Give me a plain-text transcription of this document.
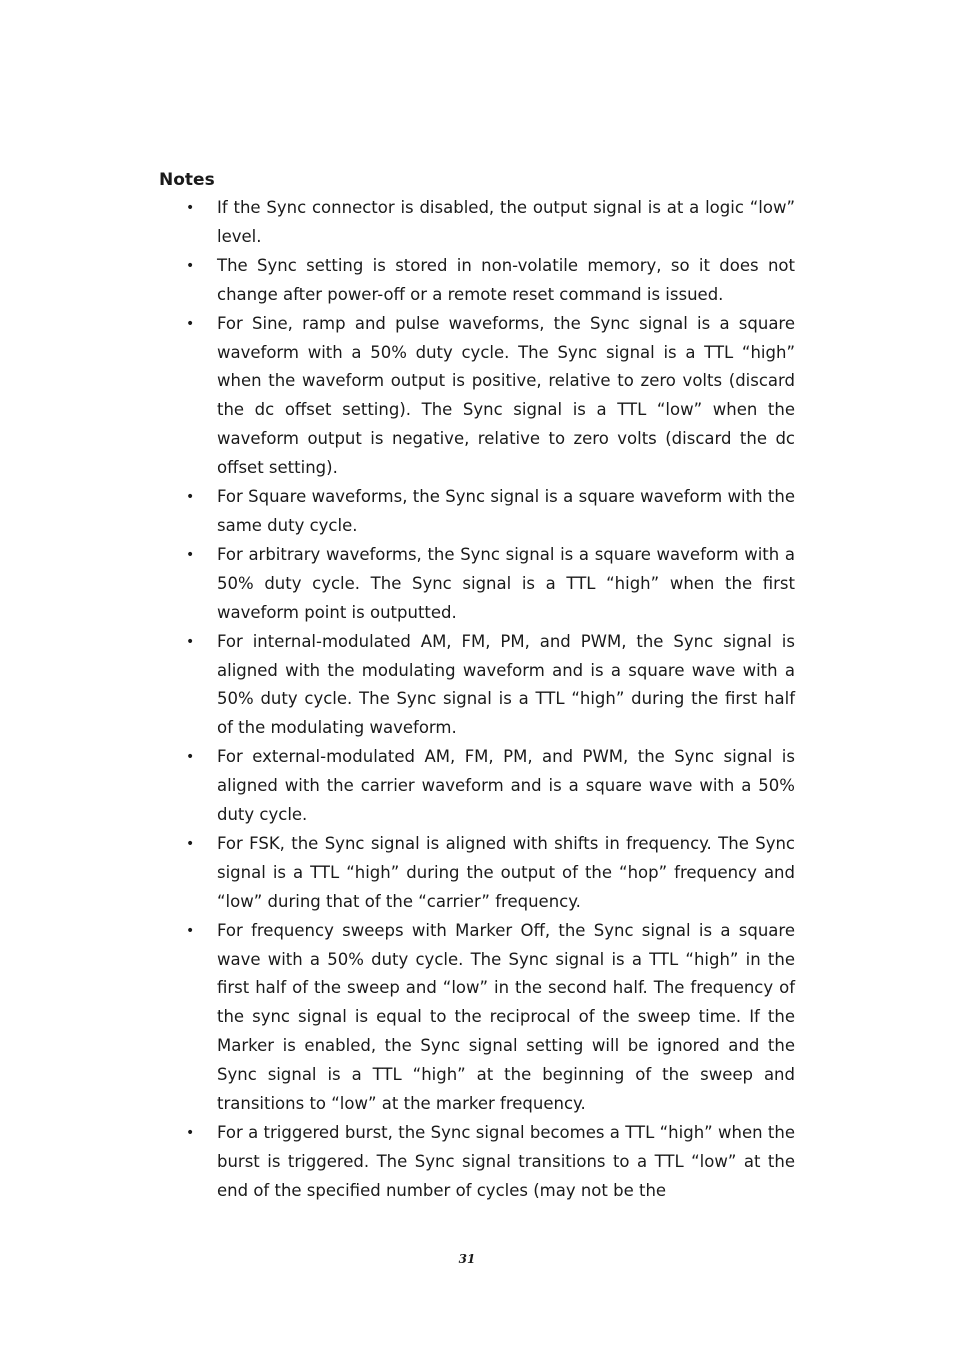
Notes
• If the Sync connector is disabled, the output signal is at a logic “low” level.
• The Sync setting is stored in non-volatile memory, so it does not change after power-off or a remote reset command is issued.
• For Sine, ramp and pulse waveforms, the Sync signal is a square waveform with a 50% duty cycle. The Sync signal is a TTL “high” when the waveform output is positive, relative to zero volts (discard the dc offset setting). The Sync signal is a TTL “low” when the waveform output is negative, relative to zero volts (discard the dc offset setting).
• For Square waveforms, the Sync signal is a square waveform with the same duty cycle.
• For arbitrary waveforms, the Sync signal is a square waveform with a 50% duty cycle. The Sync signal is a TTL “high” when the first waveform point is outputted.
• For internal-modulated AM, FM, PM, and PWM, the Sync signal is aligned with the modulating waveform and is a square wave with a 50% duty cycle. The Sync signal is a TTL “high” during the first half of the modulating waveform.
• For external-modulated AM, FM, PM, and PWM, the Sync signal is aligned with the carrier waveform and is a square wave with a 50% duty cycle.
• For FSK, the Sync signal is aligned with shifts in frequency. The Sync signal is a TTL “high” during the output of the “hop” frequency and “low” during that of the “carrier” frequency.
• For frequency sweeps with Marker Off, the Sync signal is a square wave with a 50% duty cycle. The Sync signal is a TTL “high” in the first half of the sweep and “low” in the second half. The frequency of the sync signal is equal to the reciprocal of the sweep time. If the Marker is enabled, the Sync signal setting will be ignored and the Sync signal is a TTL “high” at the beginning of the sweep and transitions to “low” at the marker frequency.
• For a triggered burst, the Sync signal becomes a TTL “high” when the burst is triggered. The Sync signal transitions to a TTL “low” at the end of the specified number of cycles (may not be the
31
